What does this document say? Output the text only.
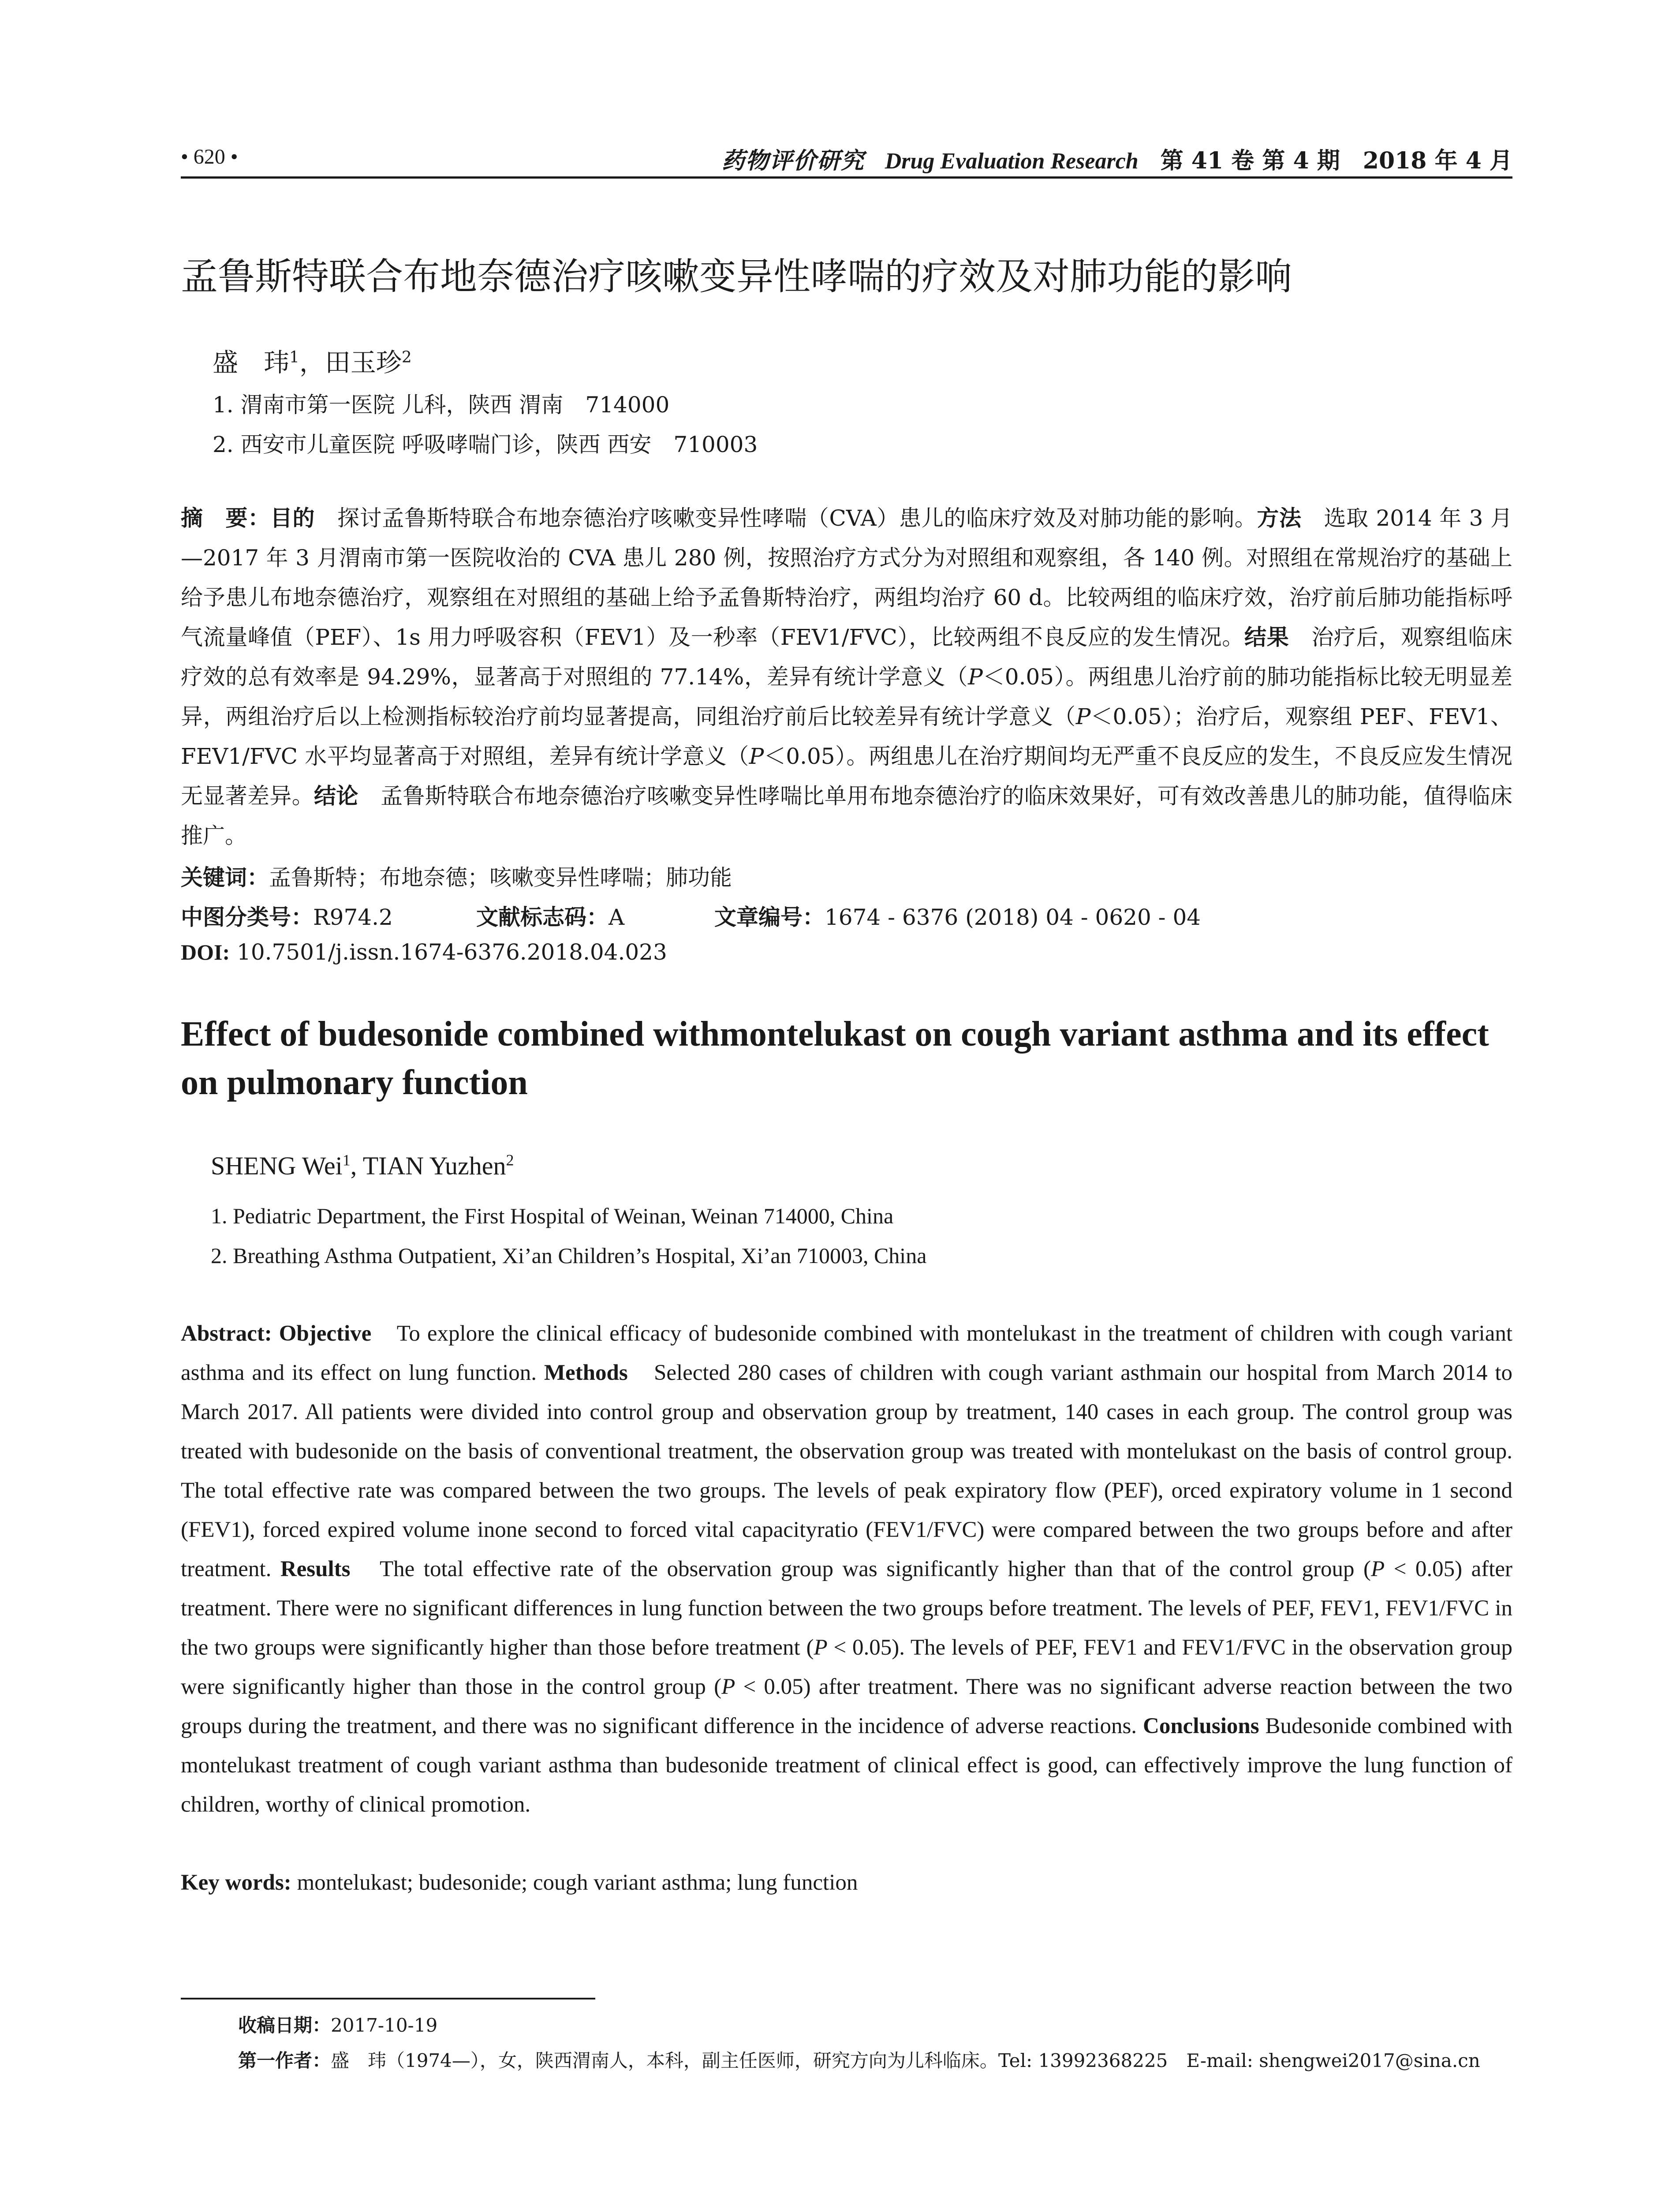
• 620 •	药物评价研究 Drug Evaluation Research 第 41 卷 第 4 期　2018 年 4 月
孟鲁斯特联合布地奈德治疗咳嗽变异性哮喘的疗效及对肺功能的影响
盛　玮$^1$，田玉珍$^2$
1. 渭南市第一医院 儿科，陕西 渭南　714000
2. 西安市儿童医院 呼吸哮喘门诊，陕西 西安　710003
摘　要：目的　探讨孟鲁斯特联合布地奈德治疗咳嗽变异性哮喘（CVA）患儿的临床疗效及对肺功能的影响。方法　选取 2014 年 3 月—2017 年 3 月渭南市第一医院收治的 CVA 患儿 280 例，按照治疗方式分为对照组和观察组，各 140 例。对照组在常规治疗的基础上给予患儿布地奈德治疗，观察组在对照组的基础上给予孟鲁斯特治疗，两组均治疗 60 d。比较两组的临床疗效，治疗前后肺功能指标呼气流量峰值（PEF）、1s 用力呼吸容积（FEV1）及一秒率（FEV1/FVC），比较两组不良反应的发生情况。结果　治疗后，观察组临床疗效的总有效率是 94.29%，显著高于对照组的 77.14%，差异有统计学意义（P＜0.05）。两组患儿治疗前的肺功能指标比较无明显差异，两组治疗后以上检测指标较治疗前均显著提高，同组治疗前后比较差异有统计学意义（P＜0.05）；治疗后，观察组 PEF、FEV1、FEV1/FVC 水平均显著高于对照组，差异有统计学意义（P＜0.05）。两组患儿在治疗期间均无严重不良反应的发生，不良反应发生情况无显著差异。结论　孟鲁斯特联合布地奈德治疗咳嗽变异性哮喘比单用布地奈德治疗的临床效果好，可有效改善患儿的肺功能，值得临床推广。
关键词：孟鲁斯特；布地奈德；咳嗽变异性哮喘；肺功能
中图分类号：R974.2	文献标志码：A	文章编号：1674 - 6376 (2018) 04 - 0620 - 04
DOI: 10.7501/j.issn.1674-6376.2018.04.023
Effect of budesonide combined withmontelukast on cough variant asthma and its effect on pulmonary function
SHENG Wei$^1$, TIAN Yuzhen$^2$
1. Pediatric Department, the First Hospital of Weinan, Weinan 714000, China
2. Breathing Asthma Outpatient, Xi’an Children’s Hospital, Xi’an 710003, China
Abstract: Objective　To explore the clinical efficacy of budesonide combined with montelukast in the treatment of children with cough variant asthma and its effect on lung function. Methods　Selected 280 cases of children with cough variant asthmain our hospital from March 2014 to March 2017. All patients were divided into control group and observation group by treatment, 140 cases in each group. The control group was treated with budesonide on the basis of conventional treatment, the observation group was treated with montelukast on the basis of control group. The total effective rate was compared between the two groups. The levels of peak expiratory flow (PEF), orced expiratory volume in 1 second (FEV1), forced expired volume inone second to forced vital capacityratio (FEV1/FVC) were compared between the two groups before and after treatment. Results　The total effective rate of the observation group was significantly higher than that of the control group (P < 0.05) after treatment. There were no significant differences in lung function between the two groups before treatment. The levels of PEF, FEV1, FEV1/FVC in the two groups were significantly higher than those before treatment (P < 0.05). The levels of PEF, FEV1 and FEV1/FVC in the observation group were significantly higher than those in the control group (P < 0.05) after treatment. There was no significant adverse reaction between the two groups during the treatment, and there was no significant difference in the incidence of adverse reactions. Conclusions Budesonide combined with montelukast treatment of cough variant asthma than budesonide treatment of clinical effect is good, can effectively improve the lung function of children, worthy of clinical promotion.
Key words: montelukast; budesonide; cough variant asthma; lung function
收稿日期：2017-10-19
第一作者：盛　玮（1974—），女，陕西渭南人，本科，副主任医师，研究方向为儿科临床。Tel: 13992368225　E-mail: shengwei2017@sina.cn
